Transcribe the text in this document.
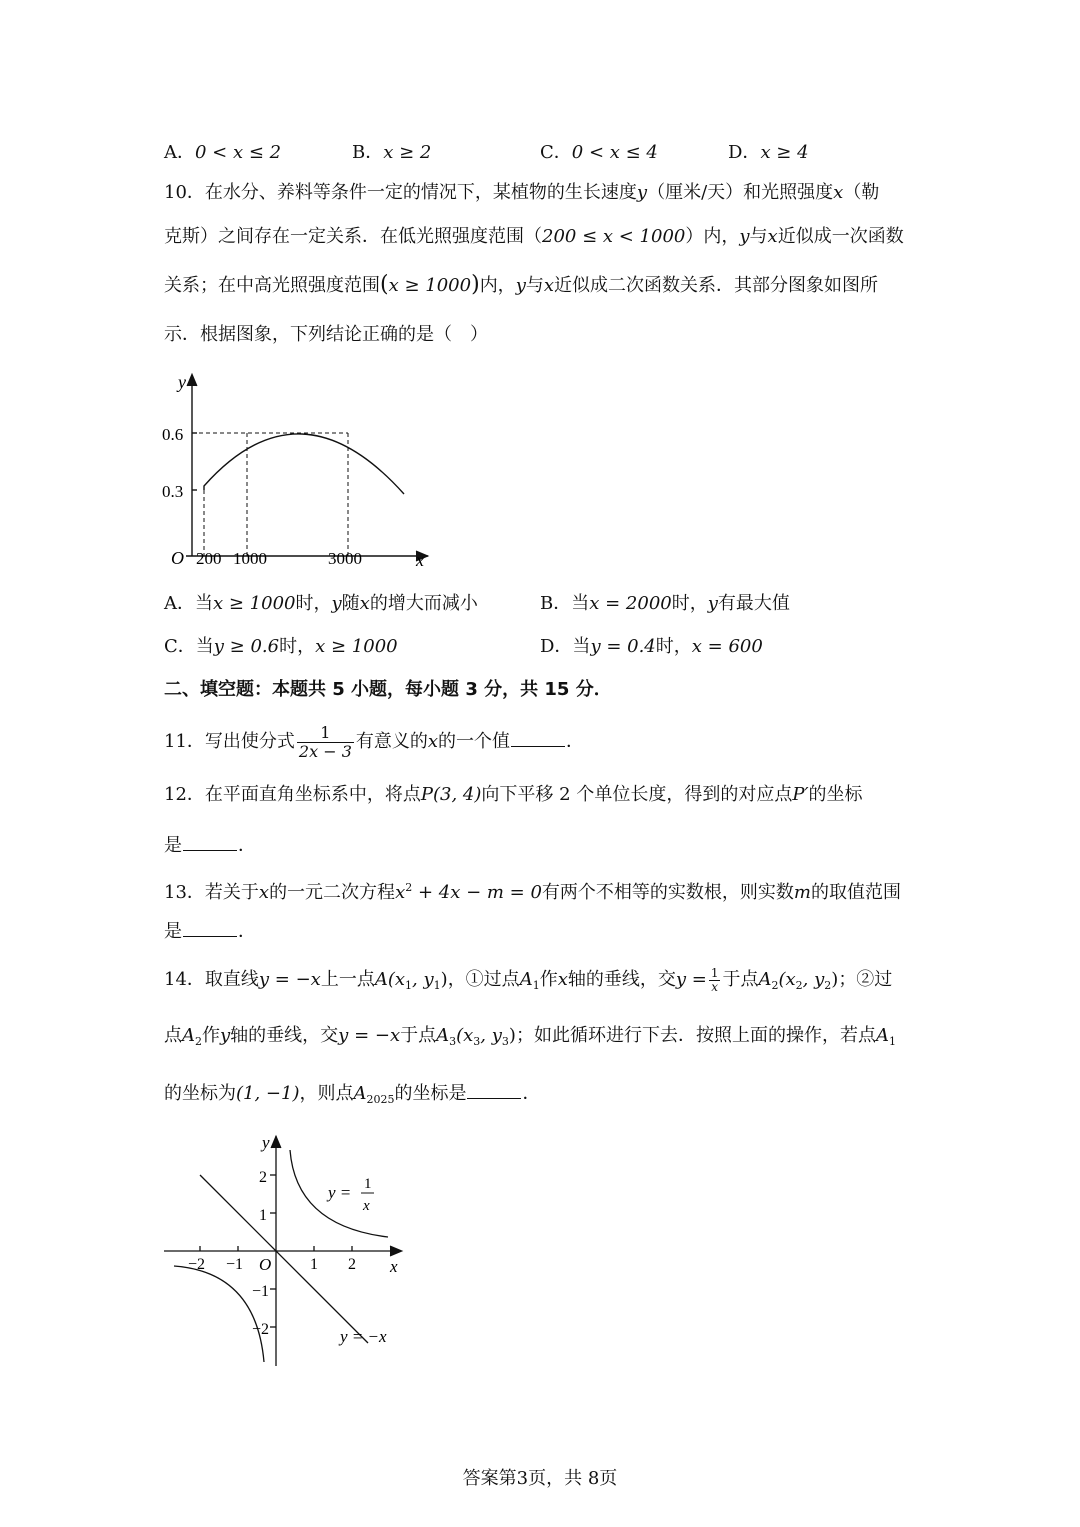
A．0 < x ≤ 2	B．x ≥ 2	C．0 < x ≤ 4	D．x ≥ 4
10．在水分、养料等条件一定的情况下，某植物的生长速度y（厘米/天）和光照强度x（勒
克斯）之间存在一定关系．在低光照强度范围（200 ≤ x < 1000）内，y与x近似成一次函数
关系；在中高光照强度范围(x ≥ 1000)内，y与x近似成二次函数关系．其部分图象如图所
示．根据图象，下列结论正确的是（　）
y
0.6
0.3
O 200 1000	3000	x
A．当x ≥ 1000时，y随x的增大而减小	B．当x = 2000时，y有最大值
C．当y ≥ 0.6时，x ≥ 1000	D．当y = 0.4时，x = 600
二、填空题：本题共 5 小题，每小题 3 分，共 15 分．
11．写出使分式 $\frac{1}{2x - 3}$ 有意义的x的一个值	．
12．在平面直角坐标系中，将点P(3, 4)向下平移 2 个单位长度，得到的对应点P′的坐标
是	．
13．若关于x的一元二次方程$x^2 + 4x - m = 0$有两个不相等的实数根，则实数m的取值范围
是	．
14．取直线y = −x上一点$A(x_1$, $y_1$)，①过点$A_1$作x轴的垂线，交$y = \frac{1}{x}$ 于点$A_2(x_2$, $y_2$)；②过
点$A_2$作y轴的垂线，交y = −x于点$A_3(x_3$, $y_3$)；如此循环进行下去．按照上面的操作，若点$A_1$
的坐标为(1, −1)，则点$A_{2025}$的坐标是	．
y
2
1
−1
−2
−2 −1 O 1 2 x
y = 1
x
y = −x
答案第3页，共 8页
